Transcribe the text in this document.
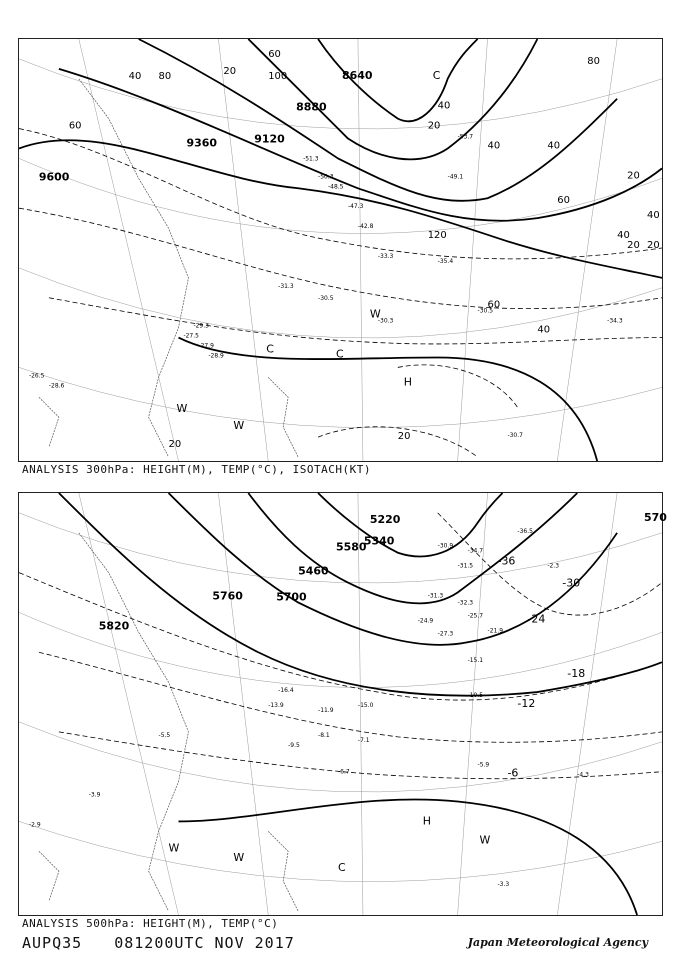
9600
9360	9120
8880
8640
20
40
60
80	100
120
20
40
60
80
40	40
60
40
20 20
40
40
20
60
20
20
-30.3
-30.5
-29.3
-27.9
-34.3
-33.3
-35.4
-31.3
-30.5
-42.8
-47.3
-48.5
-51.3
-50.3
-53.7
-49.1
-30.7
-28.9
-26.5
-28.6
-27.5
H
C	C
W
W
C
W
ANALYSIS 300hPa: HEIGHT(M), TEMP(°C), ISOTACH(KT)
5820
5760	5700
5580
5460
5340
5220	570
-36
-30
-24
-18
-12
-6
-31.3
-32.3
-25.7
-21.9
-15.1
-10.5
-7.1
-5.9
-4.3
-3.3
-34.7
-31.5
-36.5
-30.9
-27.3
-24.9
-15.0
-11.9
-8.1
-6.7
-9.5
-13.9
-16.4
-2.3
-5.5
-3.9
-2.9	H
W
W
W
C
ANALYSIS 500hPa: HEIGHT(M), TEMP(°C)
AUPQ35 081200UTC NOV 2017	Japan Meteorological Agency
